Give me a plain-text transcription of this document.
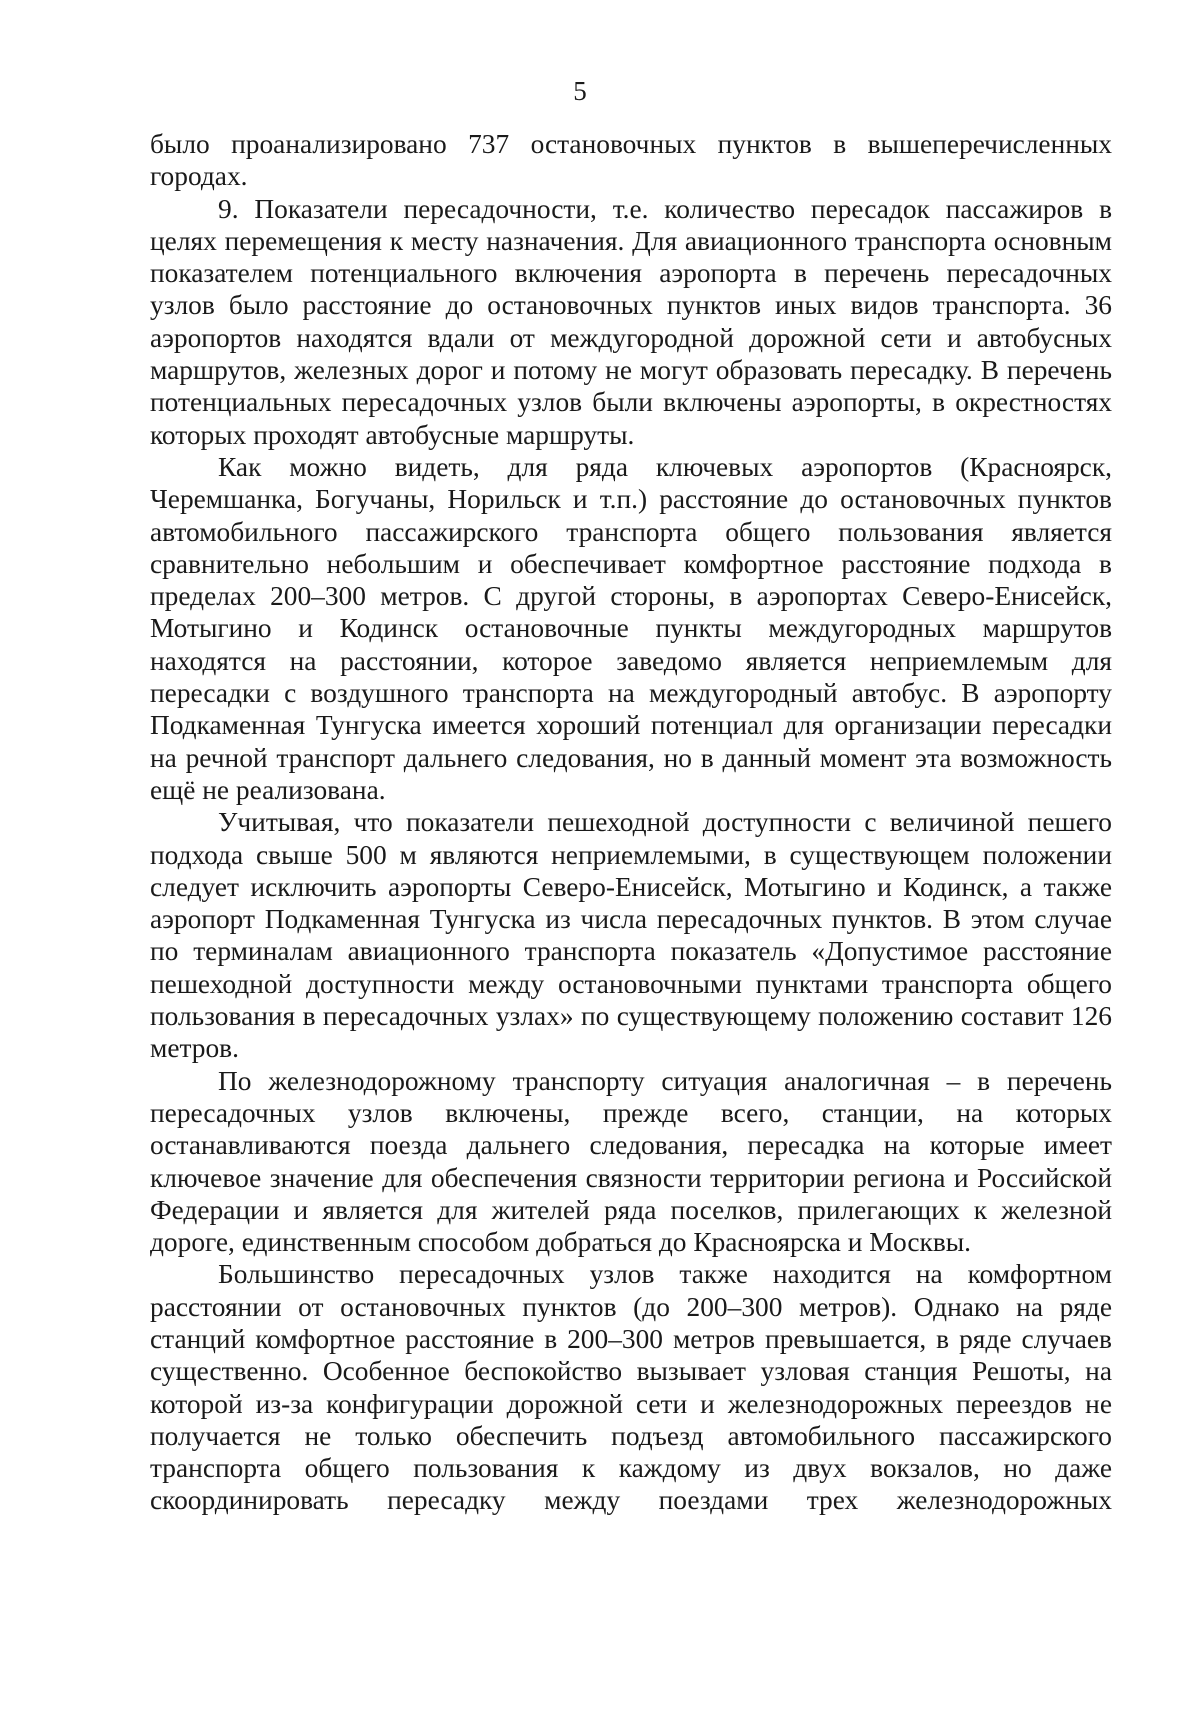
5

было проанализировано 737 остановочных пунктов в вышеперечисленных городах.

9. Показатели пересадочности, т.е. количество пересадок пассажиров в целях перемещения к месту назначения. Для авиационного транспорта основным показателем потенциального включения аэропорта в перечень пересадочных узлов было расстояние до остановочных пунктов иных видов транспорта. 36 аэропортов находятся вдали от междугородной дорожной сети и автобусных маршрутов, железных дорог и потому не могут образовать пересадку. В перечень потенциальных пересадочных узлов были включены аэропорты, в окрестностях которых проходят автобусные маршруты.

Как можно видеть, для ряда ключевых аэропортов (Красноярск, Черемшанка, Богучаны, Норильск и т.п.) расстояние до остановочных пунктов автомобильного пассажирского транспорта общего пользования является сравнительно небольшим и обеспечивает комфортное расстояние подхода в пределах 200–300 метров. С другой стороны, в аэропортах Северо-Енисейск, Мотыгино и Кодинск остановочные пункты междугородных маршрутов находятся на расстоянии, которое заведомо является неприемлемым для пересадки с воздушного транспорта на междугородный автобус. В аэропорту Подкаменная Тунгуска имеется хороший потенциал для организации пересадки на речной транспорт дальнего следования, но в данный момент эта возможность ещё не реализована.

Учитывая, что показатели пешеходной доступности с величиной пешего подхода свыше 500 м являются неприемлемыми, в существующем положении следует исключить аэропорты Северо-Енисейск, Мотыгино и Кодинск, а также аэропорт Подкаменная Тунгуска из числа пересадочных пунктов. В этом случае по терминалам авиационного транспорта показатель «Допустимое расстояние пешеходной доступности между остановочными пунктами транспорта общего пользования в пересадочных узлах» по существующему положению составит 126 метров.

По железнодорожному транспорту ситуация аналогичная – в перечень пересадочных узлов включены, прежде всего, станции, на которых останавливаются поезда дальнего следования, пересадка на которые имеет ключевое значение для обеспечения связности территории региона и Российской Федерации и является для жителей ряда поселков, прилегающих к железной дороге, единственным способом добраться до Красноярска и Москвы.

Большинство пересадочных узлов также находится на комфортном расстоянии от остановочных пунктов (до 200–300 метров). Однако на ряде станций комфортное расстояние в 200–300 метров превышается, в ряде случаев существенно. Особенное беспокойство вызывает узловая станция Решоты, на которой из-за конфигурации дорожной сети и железнодорожных переездов не получается не только обеспечить подъезд автомобильного пассажирского транспорта общего пользования к каждому из двух вокзалов, но даже скоординировать пересадку между поездами трех железнодорожных
